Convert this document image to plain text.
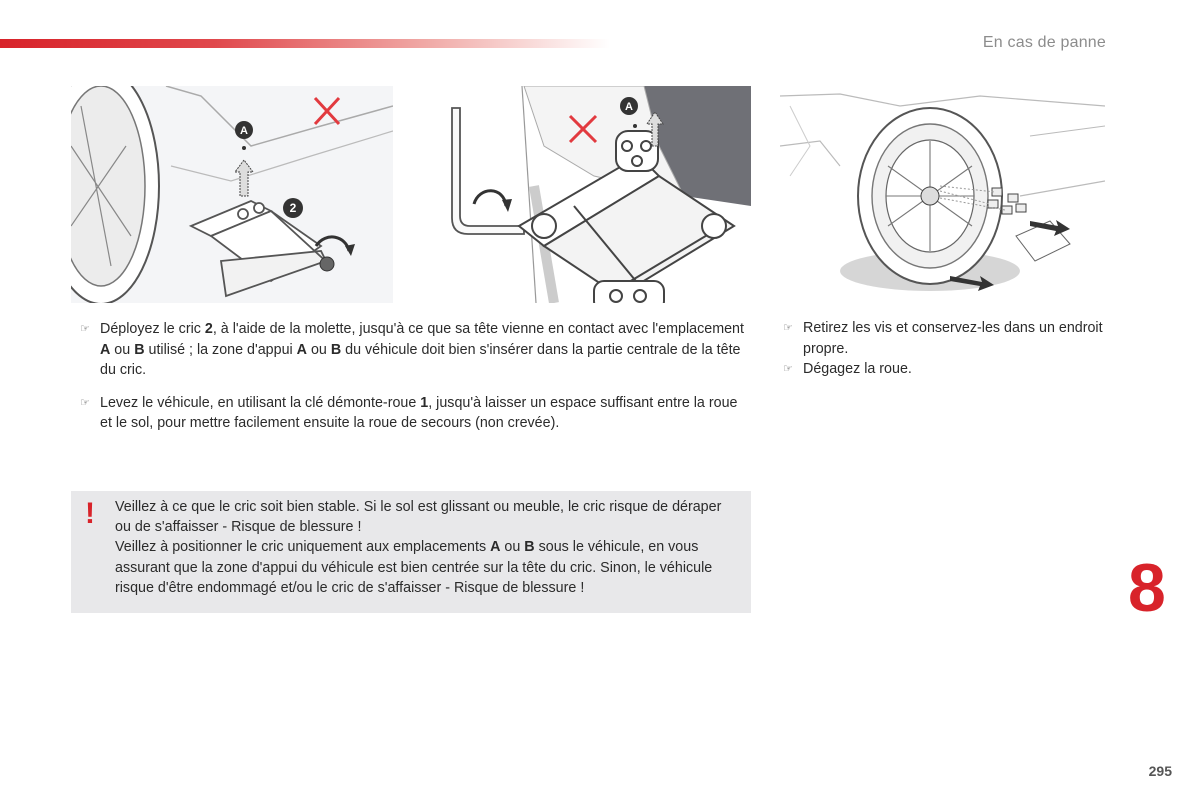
En cas de panne
A
2
A
☞ Déployez le cric 2, à l'aide de la molette, jusqu'à ce que sa tête vienne en contact avec l'emplacement A ou B utilisé ; la zone d'appui A ou B du véhicule doit bien s'insérer dans la partie centrale de la tête du cric.
☞ Levez le véhicule, en utilisant la clé démonte-roue 1, jusqu'à laisser un espace suffisant entre la roue et le sol, pour mettre facilement ensuite la roue de secours (non crevée).
☞ Retirez les vis et conservez-les dans un endroit propre.
☞ Dégagez la roue.
! Veillez à ce que le cric soit bien stable. Si le sol est glissant ou meuble, le cric risque de déraper ou de s'affaisser - Risque de blessure !
Veillez à positionner le cric uniquement aux emplacements A ou B sous le véhicule, en vous assurant que la zone d'appui du véhicule est bien centrée sur la tête du cric. Sinon, le véhicule risque d'être endommagé et/ou le cric de s'affaisser - Risque de blessure !	8
295
